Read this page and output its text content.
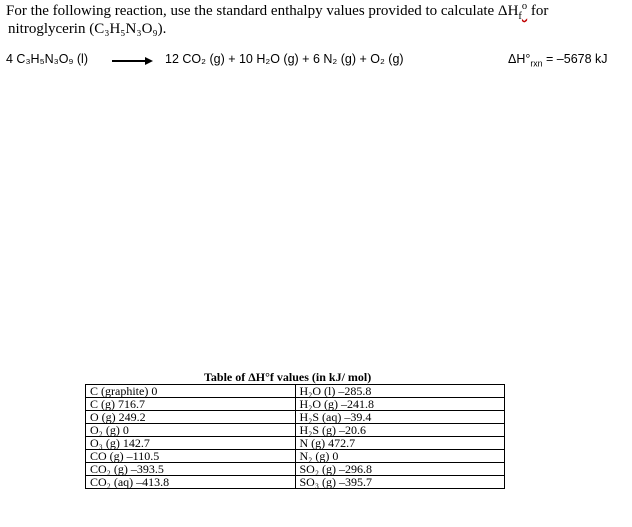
For the following reaction, use the standard enthalpy values provided to calculate $\Delta H_f^o$ for
nitroglycerin (C₃H₅N₃O₉).
4 C₃H₅N₃O₉ (l) → 12 CO₂ (g) + 10 H₂O (g) + 6 N₂ (g) + O₂ (g)	$\Delta H^\circ_{rxn} = -5678$ kJ
Table of ΔH°f values (in kJ/ mol)
C (graphite) 0	H₂O (l) –285.8
C (g) 716.7	H₂O (g) –241.8
O (g) 249.2	H₂S (aq) –39.4
O₂ (g) 0	H₂S (g) –20.6
O₃ (g) 142.7	N (g) 472.7
CO (g) –110.5	N₂ (g) 0
CO₂ (g) –393.5	SO₂ (g) –296.8
CO₂ (aq) –413.8	SO₃ (g) –395.7
